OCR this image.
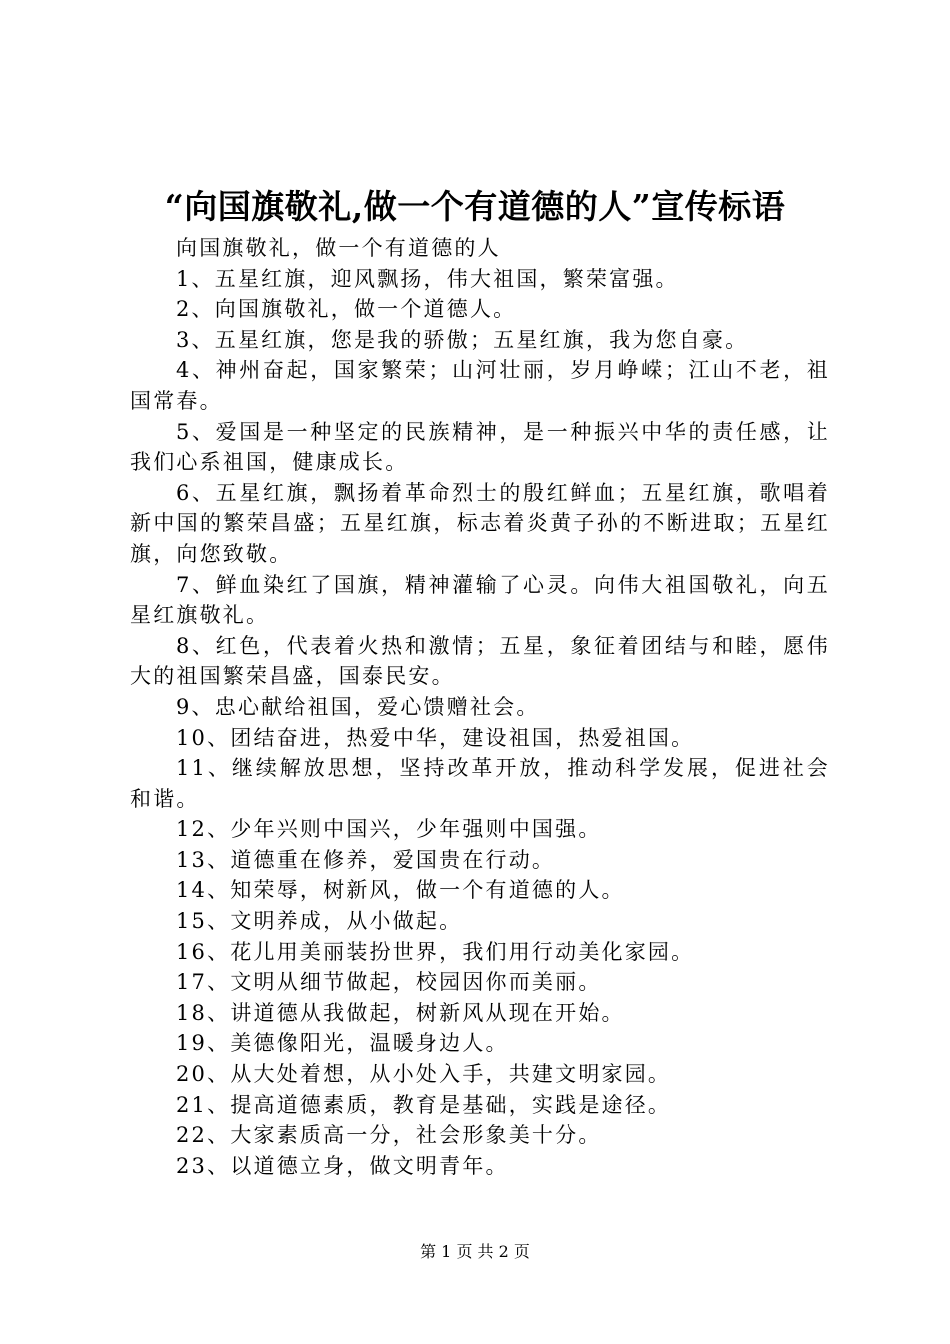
“向国旗敬礼,做一个有道德的人”宣传标语

向国旗敬礼，做一个有道德的人

1、五星红旗，迎风飘扬，伟大祖国，繁荣富强。

2、向国旗敬礼，做一个道德人。

3、五星红旗，您是我的骄傲；五星红旗，我为您自豪。

4、神州奋起，国家繁荣；山河壮丽，岁月峥嵘；江山不老，祖国常春。

5、爱国是一种坚定的民族精神，是一种振兴中华的责任感，让我们心系祖国，健康成长。

6、五星红旗，飘扬着革命烈士的殷红鲜血；五星红旗，歌唱着新中国的繁荣昌盛；五星红旗，标志着炎黄子孙的不断进取；五星红旗，向您致敬。

7、鲜血染红了国旗，精神灌输了心灵。向伟大祖国敬礼，向五星红旗敬礼。

8、红色，代表着火热和激情；五星，象征着团结与和睦，愿伟大的祖国繁荣昌盛，国泰民安。

9、忠心献给祖国，爱心馈赠社会。

10、团结奋进，热爱中华，建设祖国，热爱祖国。

11、继续解放思想，坚持改革开放，推动科学发展，促进社会和谐。

12、少年兴则中国兴，少年强则中国强。

13、道德重在修养，爱国贵在行动。

14、知荣辱，树新风，做一个有道德的人。

15、文明养成，从小做起。

16、花儿用美丽装扮世界，我们用行动美化家园。

17、文明从细节做起，校园因你而美丽。

18、讲道德从我做起，树新风从现在开始。

19、美德像阳光，温暖身边人。

20、从大处着想，从小处入手，共建文明家园。

21、提高道德素质，教育是基础，实践是途径。

22、大家素质高一分，社会形象美十分。

23、以道德立身，做文明青年。

第 1 页 共 2 页
